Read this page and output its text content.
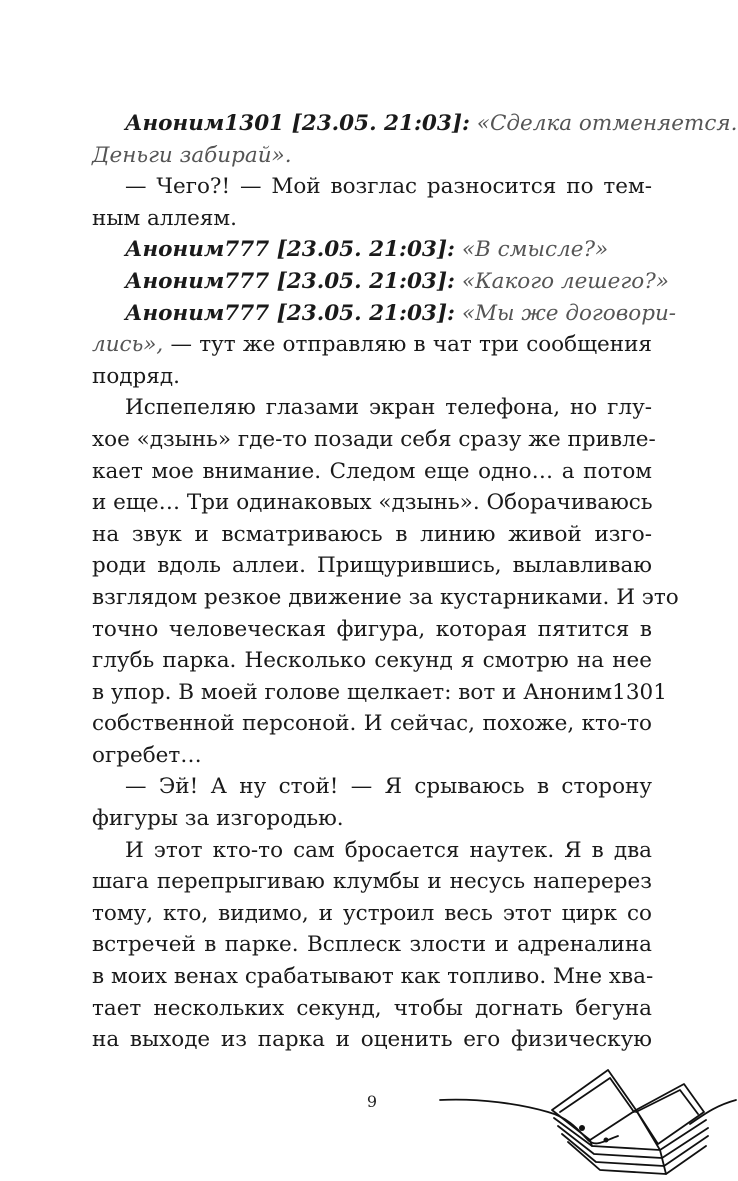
Аноним1301 [23.05. 21:03]: «Сделка отменяется.
Деньги забирай».
— Чего?! — Мой возглас разносится по тем-
ным аллеям.
Аноним777 [23.05. 21:03]: «В смысле?»
Аноним777 [23.05. 21:03]: «Какого лешего?»
Аноним777 [23.05. 21:03]: «Мы же договори-
лись», — тут же отправляю в чат три сообщения
подряд.
Испепеляю глазами экран телефона, но глу-
хое «дзынь» где-то позади себя сразу же привле-
кает мое внимание. Следом еще одно… а потом
и еще… Три одинаковых «дзынь». Оборачиваюсь
на звук и всматриваюсь в линию живой изго-
роди вдоль аллеи. Прищурившись, вылавливаю
взглядом резкое движение за кустарниками. И это
точно человеческая фигура, которая пятится в
глубь парка. Несколько секунд я смотрю на нее
в упор. В моей голове щелкает: вот и Аноним1301
собственной персоной. И сейчас, похоже, кто-то
огребет…
— Эй! А ну стой! — Я срываюсь в сторону
фигуры за изгородью.
И этот кто-то сам бросается наутек. Я в два
шага перепрыгиваю клумбы и несусь наперерез
тому, кто, видимо, и устроил весь этот цирк со
встречей в парке. Всплеск злости и адреналина
в моих венах срабатывают как топливо. Мне хва-
тает нескольких секунд, чтобы догнать бегуна
на выходе из парка и оценить его физическую
9
